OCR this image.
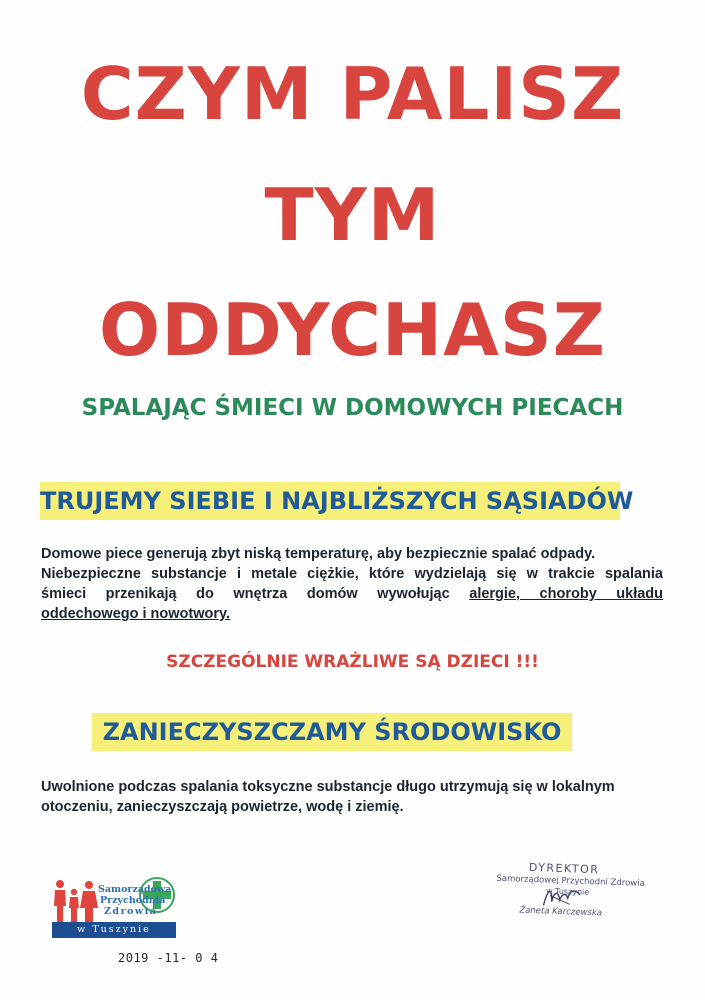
CZYM PALISZ
TYM
ODDYCHASZ
SPALAJĄC ŚMIECI W DOMOWYCH PIECACH
TRUJEMY SIEBIE I NAJBLIŻSZYCH SĄSIADÓW
Domowe piece generują zbyt niską temperaturę, aby bezpiecznie spalać odpady.
Niebezpieczne substancje i metale ciężkie, które wydzielają się w trakcie spalania
śmieci przenikają do wnętrza domów wywołując alergie, choroby układu
oddechowego i nowotwory.
SZCZEGÓLNIE WRAŻLIWE SĄ DZIECI !!!
ZANIECZYSZCZAMY ŚRODOWISKO
Uwolnione podczas spalania toksyczne substancje długo utrzymują się w lokalnym
otoczeniu, zanieczyszczają powietrze, wodę i ziemię.
Samorządowa
Przychodnia
Zdrowia
w Tuszynie
2019 -11- 0 4
DYREKTOR
Samorządowej Przychodni Zdrowia
w Tuszynie
Żaneta Karczewska
